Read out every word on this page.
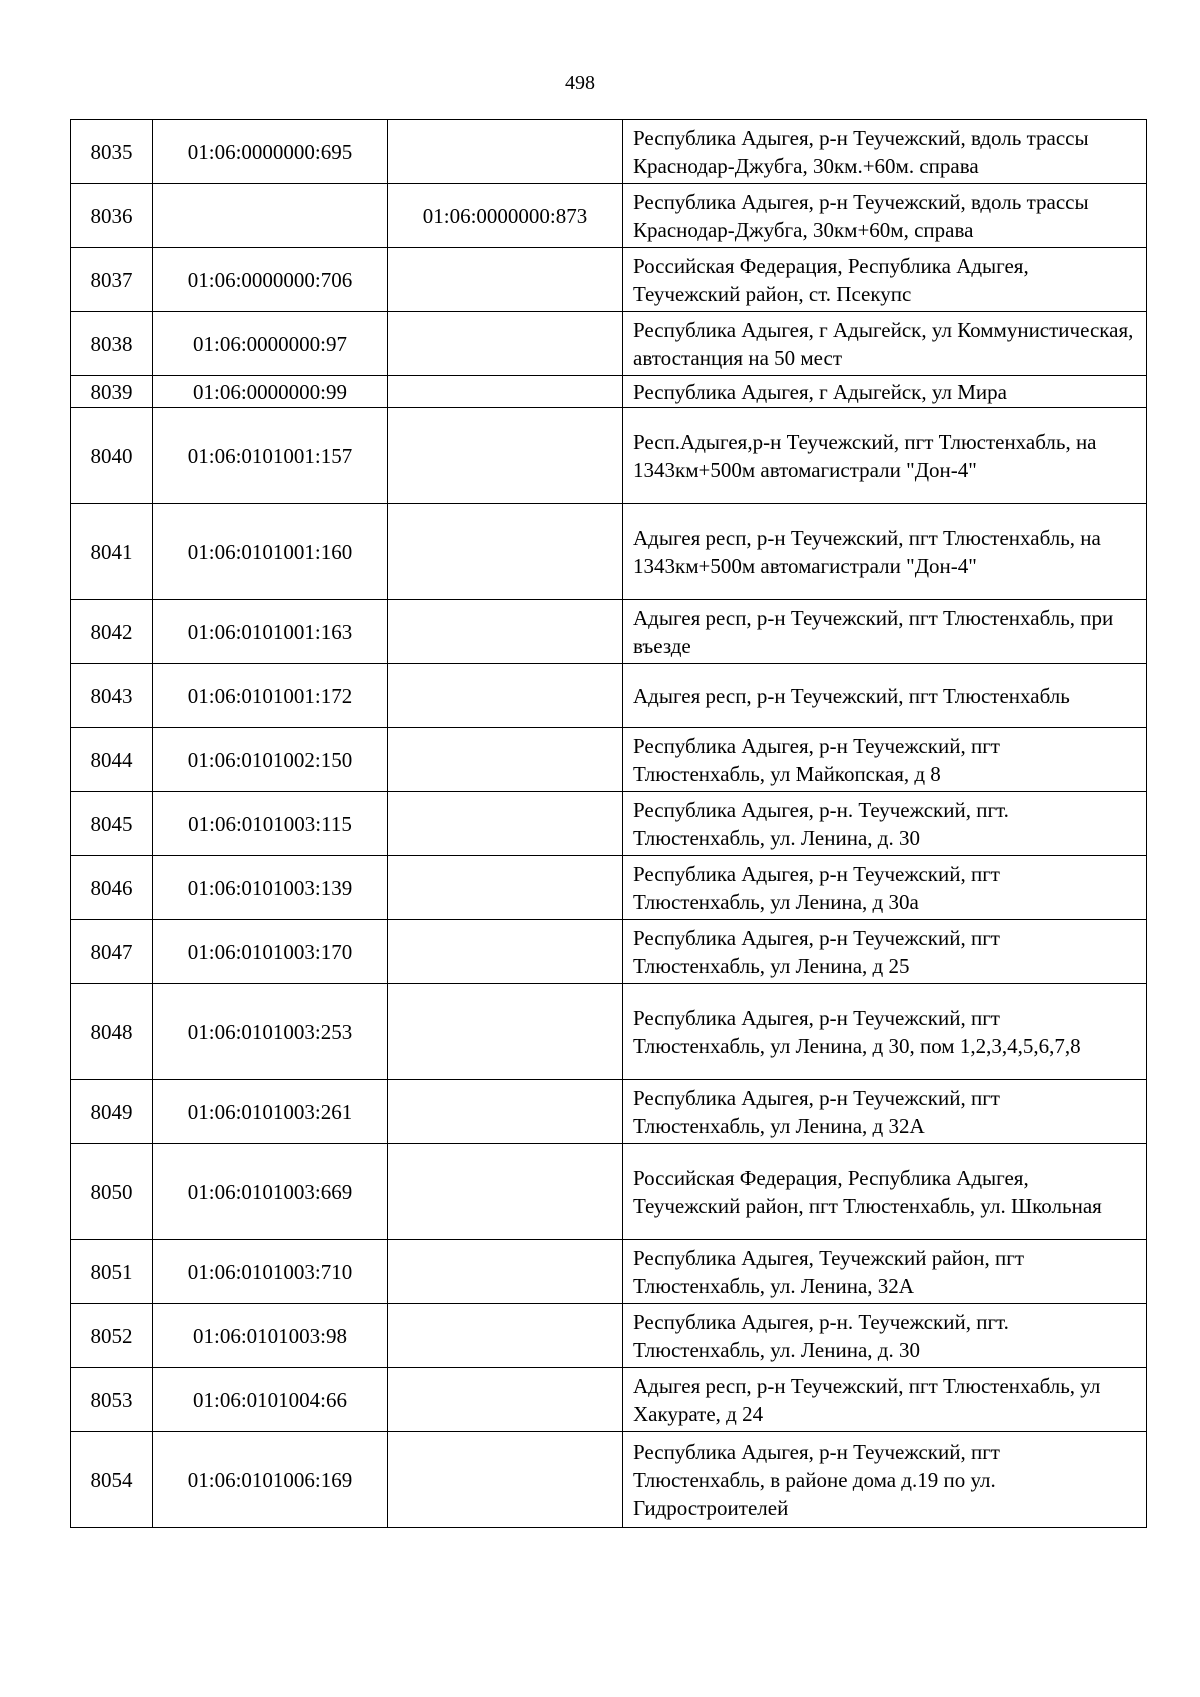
498
8035	01:06:0000000:695		Республика Адыгея, р-н Теучежский, вдоль трассы Краснодар-Джубга, 30км.+60м. справа
8036		01:06:0000000:873	Республика Адыгея, р-н Теучежский, вдоль трассы Краснодар-Джубга, 30км+60м, справа
8037	01:06:0000000:706		Российская Федерация, Республика Адыгея, Теучежский район, ст. Псекупс
8038	01:06:0000000:97		Республика Адыгея, г Адыгейск, ул Коммунистическая, автостанция на 50 мест
8039	01:06:0000000:99		Республика Адыгея, г Адыгейск, ул Мира
8040	01:06:0101001:157		Респ.Адыгея,р-н Теучежский, пгт Тлюстенхабль, на 1343км+500м автомагистрали "Дон-4"
8041	01:06:0101001:160		Адыгея респ, р-н Теучежский, пгт Тлюстенхабль, на 1343км+500м автомагистрали "Дон-4"
8042	01:06:0101001:163		Адыгея респ, р-н Теучежский, пгт Тлюстенхабль, при въезде
8043	01:06:0101001:172		Адыгея респ, р-н Теучежский, пгт Тлюстенхабль
8044	01:06:0101002:150		Республика Адыгея, р-н Теучежский, пгт Тлюстенхабль, ул Майкопская, д 8
8045	01:06:0101003:115		Республика Адыгея, р-н. Теучежский, пгт. Тлюстенхабль, ул. Ленина, д. 30
8046	01:06:0101003:139		Республика Адыгея, р-н Теучежский, пгт Тлюстенхабль, ул Ленина, д 30а
8047	01:06:0101003:170		Республика Адыгея, р-н Теучежский, пгт Тлюстенхабль, ул Ленина, д 25
8048	01:06:0101003:253		Республика Адыгея, р-н Теучежский, пгт Тлюстенхабль, ул Ленина, д 30, пом 1,2,3,4,5,6,7,8
8049	01:06:0101003:261		Республика Адыгея, р-н Теучежский, пгт Тлюстенхабль, ул Ленина, д 32А
8050	01:06:0101003:669		Российская Федерация, Республика Адыгея, Теучежский район, пгт Тлюстенхабль, ул. Школьная
8051	01:06:0101003:710		Республика Адыгея, Теучежский район, пгт Тлюстенхабль, ул. Ленина, 32А
8052	01:06:0101003:98		Республика Адыгея, р-н. Теучежский, пгт. Тлюстенхабль, ул. Ленина, д. 30
8053	01:06:0101004:66		Адыгея респ, р-н Теучежский, пгт Тлюстенхабль, ул Хакурате, д 24
8054	01:06:0101006:169		Республика Адыгея, р-н Теучежский, пгт Тлюстенхабль, в районе дома д.19 по ул. Гидростроителей
